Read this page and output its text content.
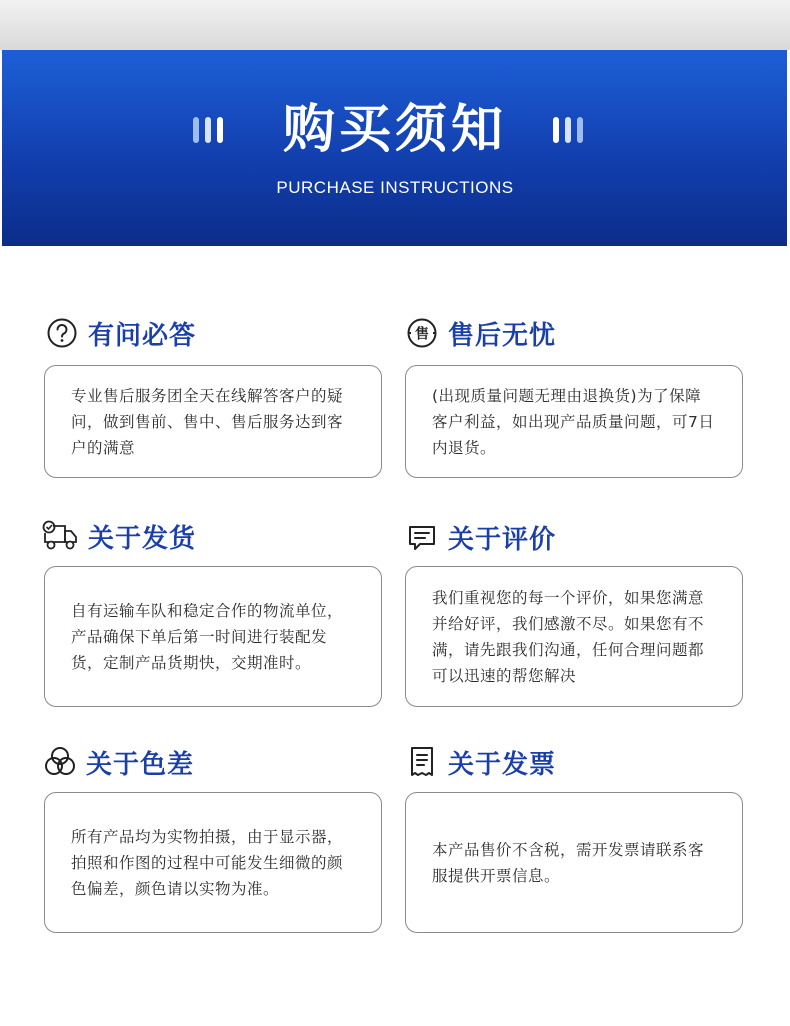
购买须知
PURCHASE INSTRUCTIONS
有问必答

专业售后服务团全天在线解答客户的疑问，做到售前、售中、售后服务达到客户的满意

售 售后无忧

(出现质量问题无理由退换货)为了保障客户利益，如出现产品质量问题，可7日内退货。

关于发货

自有运输车队和稳定合作的物流单位，产品确保下单后第一时间进行装配发货，定制产品货期快，交期准时。

关于评价

我们重视您的每一个评价，如果您满意并给好评，我们感激不尽。如果您有不满，请先跟我们沟通，任何合理问题都可以迅速的帮您解决

关于色差

所有产品均为实物拍摄，由于显示器，拍照和作图的过程中可能发生细微的颜色偏差，颜色请以实物为准。

关于发票

本产品售价不含税，需开发票请联系客服提供开票信息。
